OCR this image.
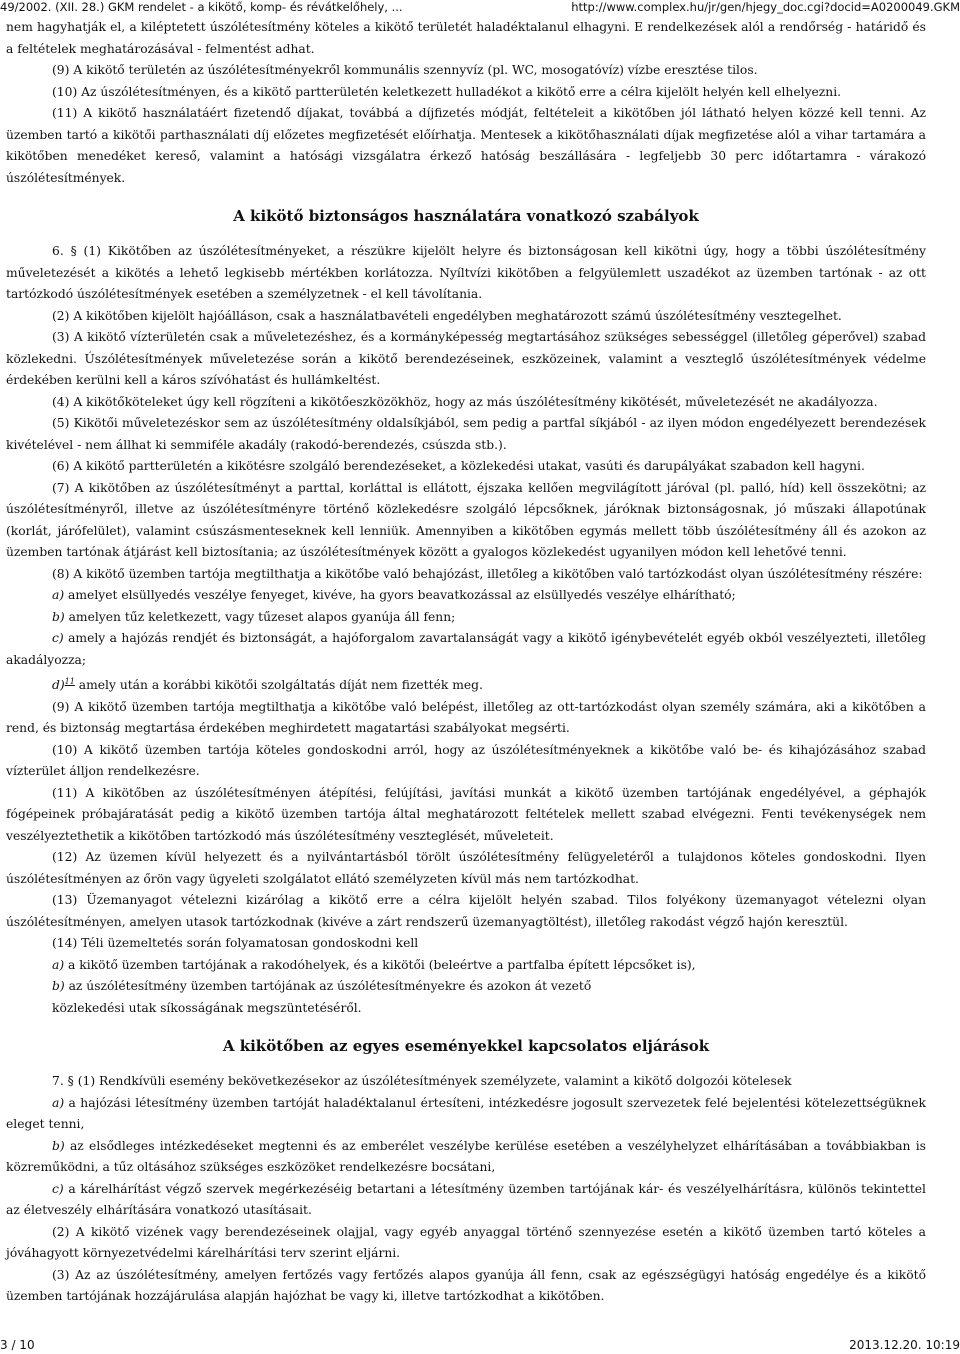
49/2002. (XII. 28.) GKM rendelet - a kikötő, komp- és révátkelőhely, ...	http://www.complex.hu/jr/gen/hjegy_doc.cgi?docid=A0200049.GKM

nem hagyhatják el, a kiléptetett úszólétesítmény köteles a kikötő területét haladéktalanul elhagyni. E rendelkezések alól a rendőrség - határidő és a feltételek meghatározásával - felmentést adhat.

(9) A kikötő területén az úszólétesítményekről kommunális szennyvíz (pl. WC, mosogatóvíz) vízbe eresztése tilos.

(10) Az úszólétesítményen, és a kikötő partterületén keletkezett hulladékot a kikötő erre a célra kijelölt helyén kell elhelyezni.

(11) A kikötő használatáért fizetendő díjakat, továbbá a díjfizetés módját, feltételeit a kikötőben jól látható helyen közzé kell tenni. Az üzemben tartó a kikötői parthasználati díj előzetes megfizetését előírhatja. Mentesek a kikötőhasználati díjak megfizetése alól a vihar tartamára a kikötőben menedéket kereső, valamint a hatósági vizsgálatra érkező hatóság beszállására - legfeljebb 30 perc időtartamra - várakozó úszólétesítmények.

A kikötő biztonságos használatára vonatkozó szabályok

6. § (1) Kikötőben az úszólétesítményeket, a részükre kijelölt helyre és biztonságosan kell kikötni úgy, hogy a többi úszólétesítmény műveletezését a kikötés a lehető legkisebb mértékben korlátozza. Nyíltvízi kikötőben a felgyülemlett uszadékot az üzemben tartónak - az ott tartózkodó úszólétesítmények esetében a személyzetnek - el kell távolítania.

(2) A kikötőben kijelölt hajóálláson, csak a használatbavételi engedélyben meghatározott számú úszólétesítmény vesztegelhet.

(3) A kikötő vízterületén csak a műveletezéshez, és a kormányképesség megtartásához szükséges sebességgel (illetőleg géperővel) szabad közlekedni. Úszólétesítmények műveletezése során a kikötő berendezéseinek, eszközeinek, valamint a veszteglő úszólétesítmények védelme érdekében kerülni kell a káros szívóhatást és hullámkeltést.

(4) A kikötőköteleket úgy kell rögzíteni a kikötőeszközökhöz, hogy az más úszólétesítmény kikötését, műveletezését ne akadályozza.

(5) Kikötői műveletezéskor sem az úszólétesítmény oldalsíkjából, sem pedig a partfal síkjából - az ilyen módon engedélyezett berendezések kivételével - nem állhat ki semmiféle akadály (rakodó-berendezés, csúszda stb.).

(6) A kikötő partterületén a kikötésre szolgáló berendezéseket, a közlekedési utakat, vasúti és darupályákat szabadon kell hagyni.

(7) A kikötőben az úszólétesítményt a parttal, korláttal is ellátott, éjszaka kellően megvilágított járóval (pl. palló, híd) kell összekötni; az úszólétesítményről, illetve az úszólétesítményre történő közlekedésre szolgáló lépcsőknek, járóknak biztonságosnak, jó műszaki állapotúnak (korlát, járófelület), valamint csúszásmenteseknek kell lenniük. Amennyiben a kikötőben egymás mellett több úszólétesítmény áll és azokon az üzemben tartónak átjárást kell biztosítania; az úszólétesítmények között a gyalogos közlekedést ugyanilyen módon kell lehetővé tenni.

(8) A kikötő üzemben tartója megtilthatja a kikötőbe való behajózást, illetőleg a kikötőben való tartózkodást olyan úszólétesítmény részére:

a) amelyet elsüllyedés veszélye fenyeget, kivéve, ha gyors beavatkozással az elsüllyedés veszélye elhárítható;

b) amelyen tűz keletkezett, vagy tűzeset alapos gyanúja áll fenn;

c) amely a hajózás rendjét és biztonságát, a hajóforgalom zavartalanságát vagy a kikötő igénybevételét egyéb okból veszélyezteti, illetőleg akadályozza;

d)$^{11}$ amely után a korábbi kikötői szolgáltatás díját nem fizették meg.

(9) A kikötő üzemben tartója megtilthatja a kikötőbe való belépést, illetőleg az ott-tartózkodást olyan személy számára, aki a kikötőben a rend, és biztonság megtartása érdekében meghirdetett magatartási szabályokat megsérti.

(10) A kikötő üzemben tartója köteles gondoskodni arról, hogy az úszólétesítményeknek a kikötőbe való be- és kihajózásához szabad vízterület álljon rendelkezésre.

(11) A kikötőben az úszólétesítményen átépítési, felújítási, javítási munkát a kikötő üzemben tartójának engedélyével, a géphajók fógépeinek próbajáratását pedig a kikötő üzemben tartója által meghatározott feltételek mellett szabad elvégezni. Fenti tevékenységek nem veszélyeztethetik a kikötőben tartózkodó más úszólétesítmény veszteglését, műveleteit.

(12) Az üzemen kívül helyezett és a nyilvántartásból törölt úszólétesítmény felügyeletéről a tulajdonos köteles gondoskodni. Ilyen úszólétesítményen az őrön vagy ügyeleti szolgálatot ellátó személyzeten kívül más nem tartózkodhat.

(13) Üzemanyagot vételezni kizárólag a kikötő erre a célra kijelölt helyén szabad. Tilos folyékony üzemanyagot vételezni olyan úszólétesítményen, amelyen utasok tartózkodnak (kivéve a zárt rendszerű üzemanyagtöltést), illetőleg rakodást végző hajón keresztül.

(14) Téli üzemeltetés során folyamatosan gondoskodni kell

a) a kikötő üzemben tartójának a rakodóhelyek, és a kikötői (beleértve a partfalba épített lépcsőket is),

b) az úszólétesítmény üzemben tartójának az úszólétesítményekre és azokon át vezető

közlekedési utak síkosságának megszüntetéséről.

A kikötőben az egyes eseményekkel kapcsolatos eljárások

7. § (1) Rendkívüli esemény bekövetkezésekor az úszólétesítmények személyzete, valamint a kikötő dolgozói kötelesek

a) a hajózási létesítmény üzemben tartóját haladéktalanul értesíteni, intézkedésre jogosult szervezetek felé bejelentési kötelezettségüknek eleget tenni,

b) az elsődleges intézkedéseket megtenni és az emberélet veszélybe kerülése esetében a veszélyhelyzet elhárításában a továbbiakban is közreműködni, a tűz oltásához szükséges eszközöket rendelkezésre bocsátani,

c) a kárelhárítást végző szervek megérkezéséig betartani a létesítmény üzemben tartójának kár- és veszélyelhárításra, különös tekintettel az életveszély elhárítására vonatkozó utasításait.

(2) A kikötő vizének vagy berendezéseinek olajjal, vagy egyéb anyaggal történő szennyezése esetén a kikötő üzemben tartó köteles a jóváhagyott környezetvédelmi kárelhárítási terv szerint eljárni.

(3) Az az úszólétesítmény, amelyen fertőzés vagy fertőzés alapos gyanúja áll fenn, csak az egészségügyi hatóság engedélye és a kikötő üzemben tartójának hozzájárulása alapján hajózhat be vagy ki, illetve tartózkodhat a kikötőben.

3 / 10	2013.12.20. 10:19
